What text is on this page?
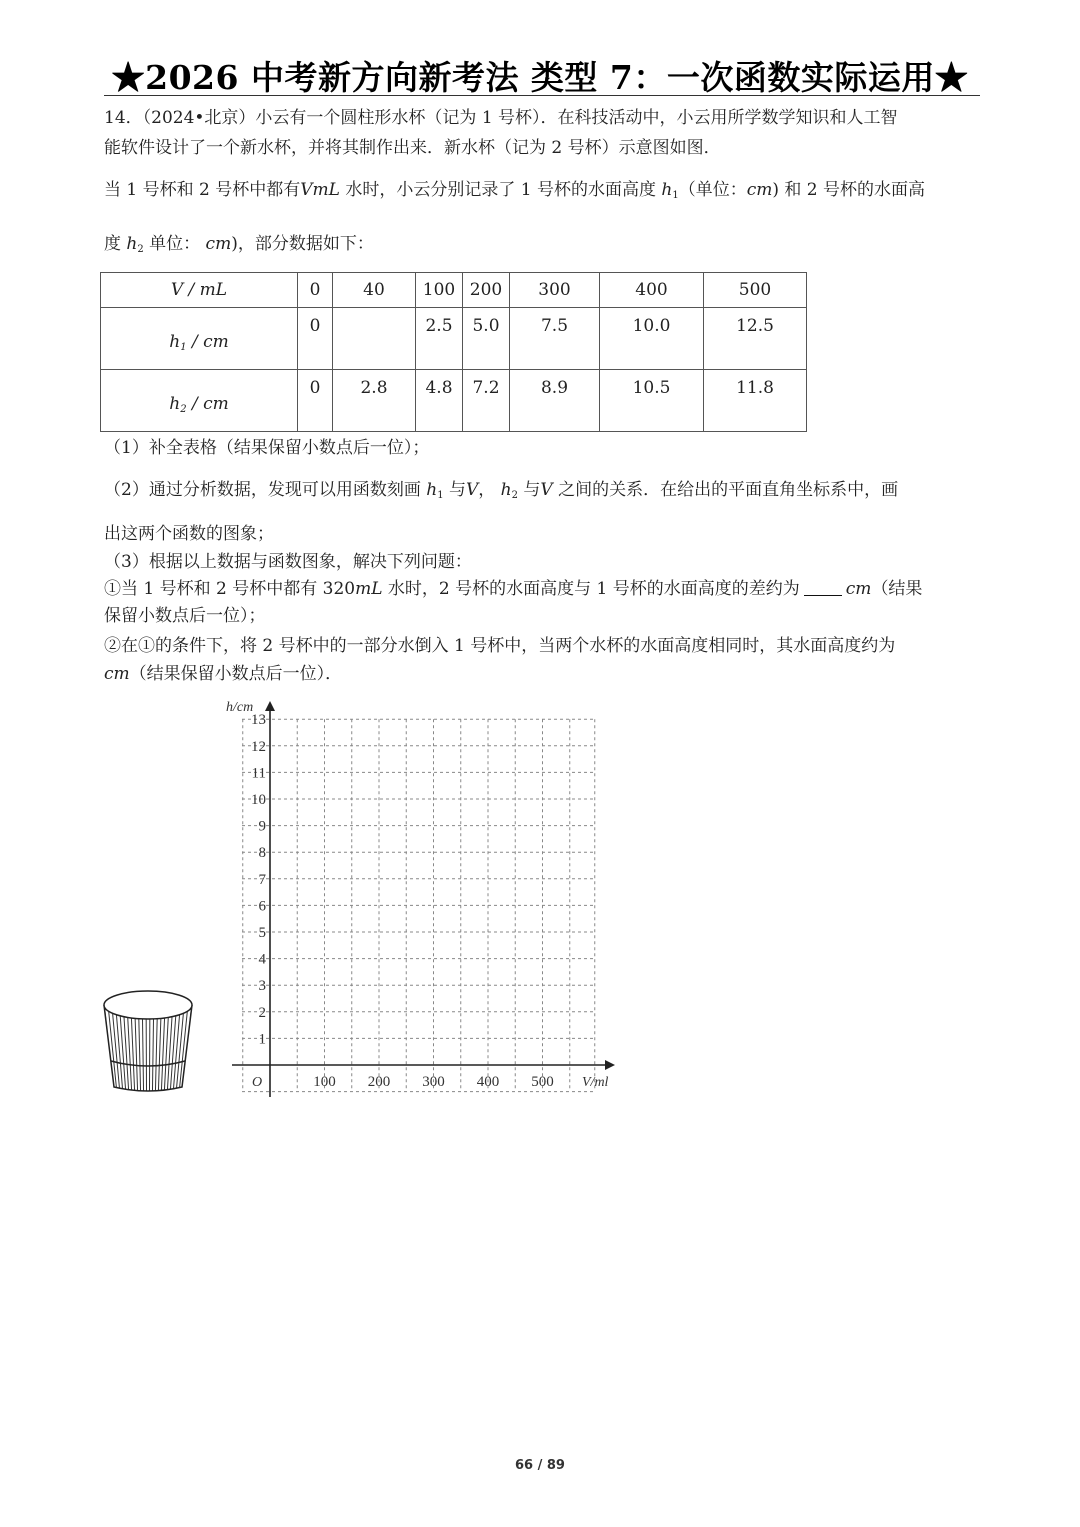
★2026 中考新方向新考法 类型 7：一次函数实际运用★
14．（2024•北京）小云有一个圆柱形水杯（记为 1 号杯）．在科技活动中，小云用所学数学知识和人工智
能软件设计了一个新水杯，并将其制作出来．新水杯（记为 2 号杯）示意图如图．
当 1 号杯和 2 号杯中都有VmL 水时，小云分别记录了 1 号杯的水面高度 $h_1$（单位：cm) 和 2 号杯的水面高
度 $h_2$ 单位： cm)，部分数据如下：
V / mL	0	40	100	200	300	400	500
$h_1$ / cm	0		2.5	5.0	7.5	10.0	12.5
$h_2$ / cm	0	2.8	4.8	7.2	8.9	10.5	11.8
（1）补全表格（结果保留小数点后一位）；
（2）通过分析数据，发现可以用函数刻画 $h_1$ 与V， $h_2$ 与V 之间的关系．在给出的平面直角坐标系中，画
出这两个函数的图象；
（3）根据以上数据与函数图象，解决下列问题：
①当 1 号杯和 2 号杯中都有 320mL 水时，2 号杯的水面高度与 1 号杯的水面高度的差约为	cm（结果
保留小数点后一位）；
②在①的条件下，将 2 号杯中的一部分水倒入 1 号杯中，当两个水杯的水面高度相同时，其水面高度约为
cm（结果保留小数点后一位）．
1
2
3
4
5
6
7
8
9
10
11
12
13
100 200 300 400 500
h/cm
V/ml
O
66 / 89
